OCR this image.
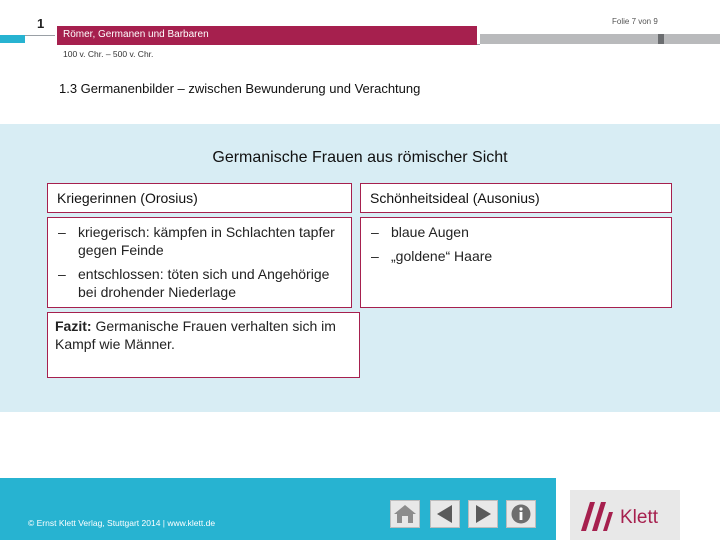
1
Römer, Germanen und Barbaren
Folie 7 von 9
100 v. Chr. – 500 v. Chr.
1.3 Germanenbilder – zwischen Bewunderung und Verachtung
Germanische Frauen aus römischer Sicht
Kriegerinnen (Orosius)	Schönheitsideal (Ausonius)
– kriegerisch: kämpfen in Schlachten tapfer gegen Feinde
– entschlossen: töten sich und Angehörige bei drohender Niederlage
– blaue Augen
– „goldene“ Haare
Fazit: Germanische Frauen verhalten sich im Kampf wie Männer.
© Ernst Klett Verlag, Stuttgart 2014 | www.klett.de	Klett
